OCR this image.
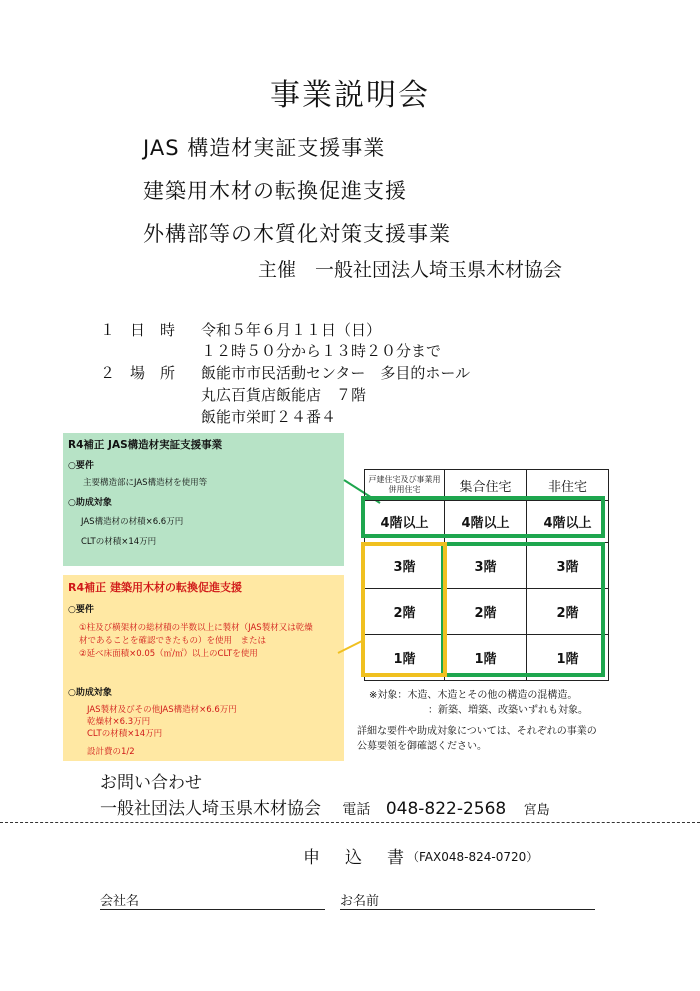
事業説明会
JAS 構造材実証支援事業
建築用木材の転換促進支援
外構部等の木質化対策支援事業
主催　一般社団法人埼玉県木材協会
１　日　時 令和５年６月１１日（日）
１２時５０分から１３時２０分まで
２　場　所 飯能市市民活動センター　多目的ホール
丸広百貨店飯能店　７階
飯能市栄町２４番４
R4補正 JAS構造材実証支援事業
○要件
主要構造部にJAS構造材を使用等
○助成対象
JAS構造材の材積×6.6万円
CLTの材積×14万円
R4補正 建築用木材の転換促進支援
○要件
①柱及び横架材の総材積の半数以上に製材（JAS製材又は乾燥
材であることを確認できたもの）を使用　または
②延べ床面積×0.05（㎥/㎡）以上のCLTを使用
○助成対象
JAS製材及びその他JAS構造材×6.6万円
乾燥材×6.3万円
CLTの材積×14万円
設計費の1/2
戸建住宅及び事業用併用住宅	集合住宅	非住宅
4階以上	4階以上	4階以上
3階	3階	3階
2階	2階	2階
1階	1階	1階
※対象：木造、木造とその他の構造の混構造。
：新築、増築、改築いずれも対象。
詳細な要件や助成対象については、それぞれの事業の
公募要領を御確認ください。
お問い合わせ
一般社団法人埼玉県木材協会 電話 048-822-2568 宮島
申　込　書 （FAX048-824-0720）
会社名	お名前
